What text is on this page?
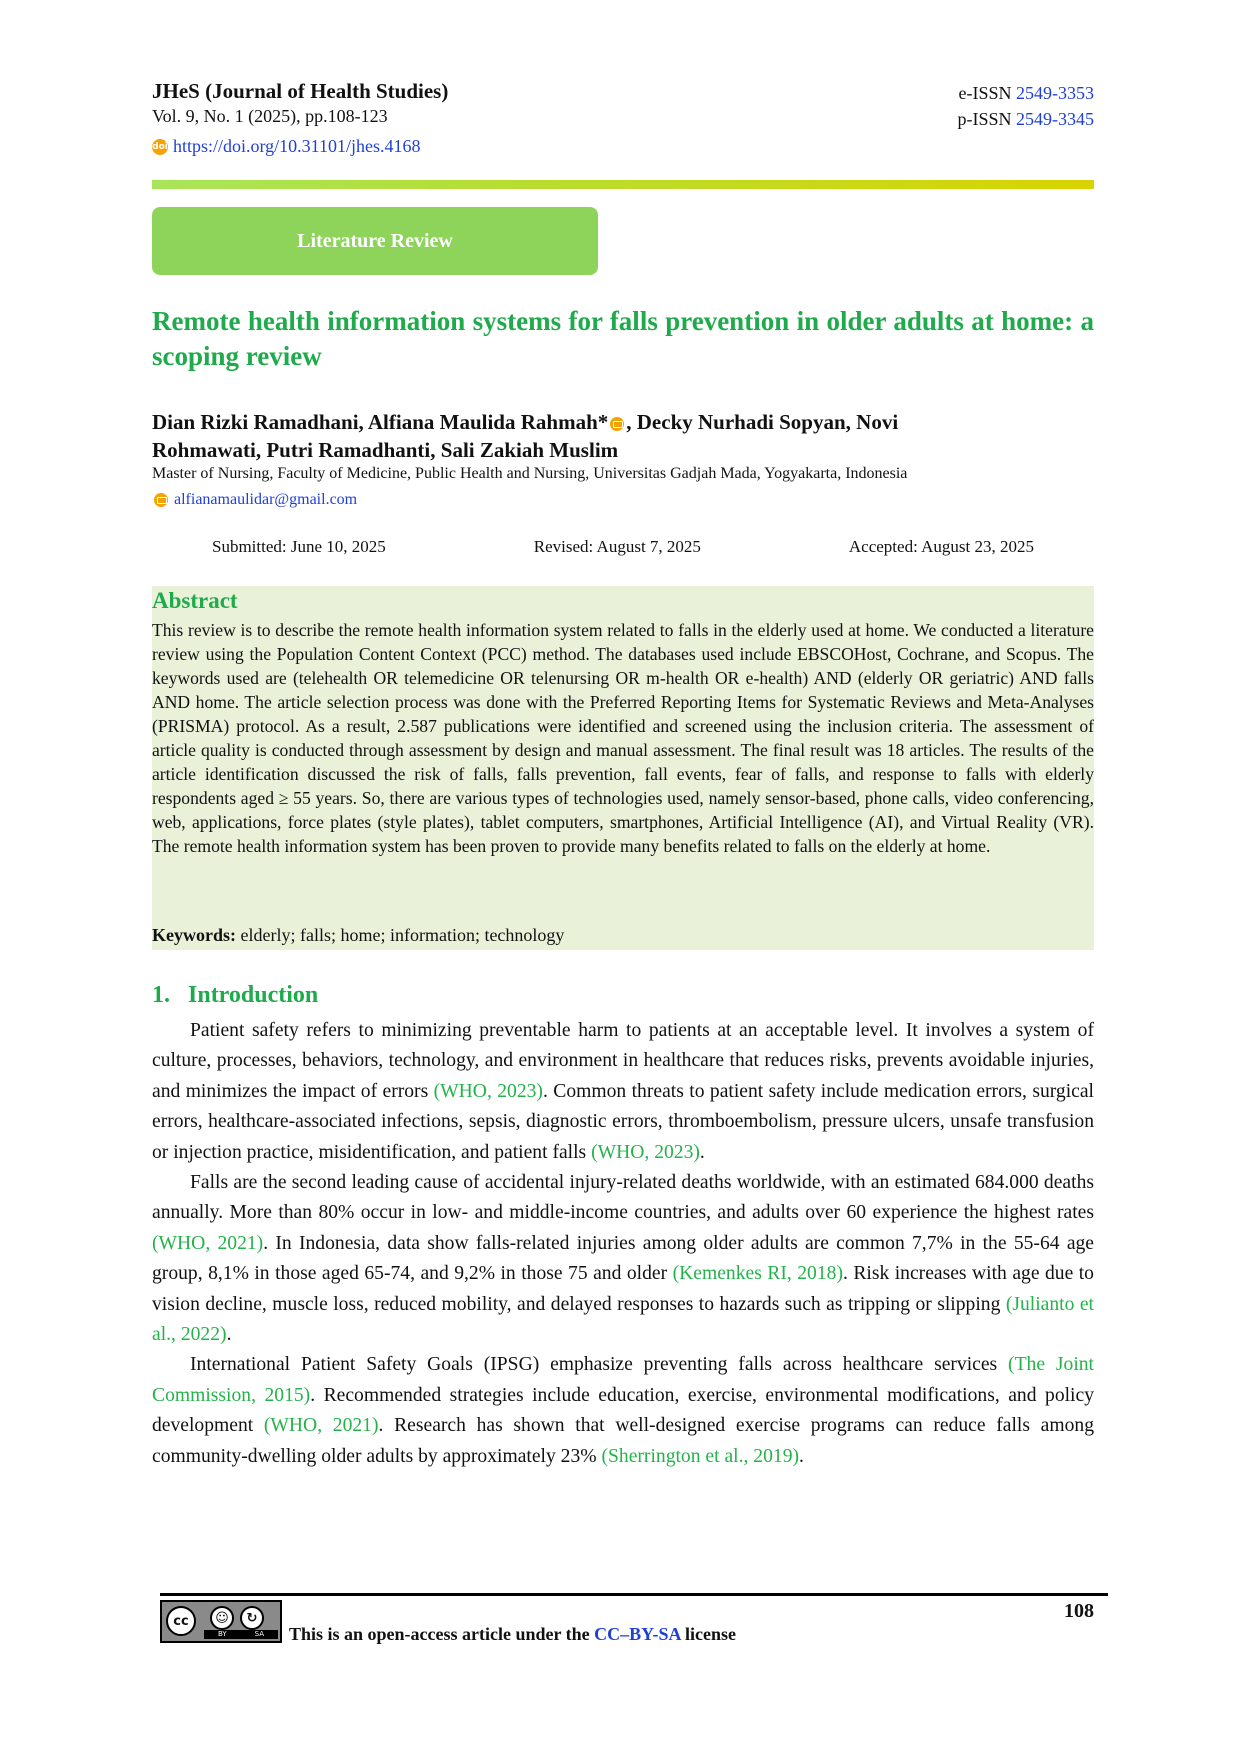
JHeS (Journal of Health Studies)
Vol. 9, No. 1 (2025), pp.108-123
doi https://doi.org/10.31101/jhes.4168
e-ISSN 2549-3353
p-ISSN 2549-3345
Literature Review
Remote health information systems for falls prevention in older adults at home: a scoping review
Dian Rizki Ramadhani, Alfiana Maulida Rahmah* , Decky Nurhadi Sopyan, Novi
Rohmawati, Putri Ramadhanti, Sali Zakiah Muslim
Master of Nursing, Faculty of Medicine, Public Health and Nursing, Universitas Gadjah Mada, Yogyakarta, Indonesia
alfianamaulidar@gmail.com
Submitted: June 10, 2025	Revised: August 7, 2025	Accepted: August 23, 2025
Abstract
This review is to describe the remote health information system related to falls in the elderly used at home. We conducted a literature review using the Population Content Context (PCC) method. The databases used include EBSCOHost, Cochrane, and Scopus. The keywords used are (telehealth OR telemedicine OR telenursing OR m-health OR e-health) AND (elderly OR geriatric) AND falls AND home. The article selection process was done with the Preferred Reporting Items for Systematic Reviews and Meta-Analyses (PRISMA) protocol. As a result, 2.587 publications were identified and screened using the inclusion criteria. The assessment of article quality is conducted through assessment by design and manual assessment. The final result was 18 articles. The results of the article identification discussed the risk of falls, falls prevention, fall events, fear of falls, and response to falls with elderly respondents aged ≥ 55 years. So, there are various types of technologies used, namely sensor-based, phone calls, video conferencing, web, applications, force plates (style plates), tablet computers, smartphones, Artificial Intelligence (AI), and Virtual Reality (VR). The remote health information system has been proven to provide many benefits related to falls on the elderly at home.
Keywords: elderly; falls; home; information; technology
1. Introduction

Patient safety refers to minimizing preventable harm to patients at an acceptable level. It involves a system of culture, processes, behaviors, technology, and environment in healthcare that reduces risks, prevents avoidable injuries, and minimizes the impact of errors (WHO, 2023). Common threats to patient safety include medication errors, surgical errors, healthcare-associated infections, sepsis, diagnostic errors, thromboembolism, pressure ulcers, unsafe transfusion or injection practice, misidentification, and patient falls (WHO, 2023).

Falls are the second leading cause of accidental injury-related deaths worldwide, with an estimated 684.000 deaths annually. More than 80% occur in low- and middle-income countries, and adults over 60 experience the highest rates (WHO, 2021). In Indonesia, data show falls-related injuries among older adults are common 7,7% in the 55-64 age group, 8,1% in those aged 65-74, and 9,2% in those 75 and older (Kemenkes RI, 2018). Risk increases with age due to vision decline, muscle loss, reduced mobility, and delayed responses to hazards such as tripping or slipping (Julianto et al., 2022).

International Patient Safety Goals (IPSG) emphasize preventing falls across healthcare services (The Joint Commission, 2015). Recommended strategies include education, exercise, environmental modifications, and policy development (WHO, 2021). Research has shown that well-designed exercise programs can reduce falls among community-dwelling older adults by approximately 23% (Sherrington et al., 2019).

cc	☺	↻
BY	SA This is an open-access article under the CC–BY-SA license
108
